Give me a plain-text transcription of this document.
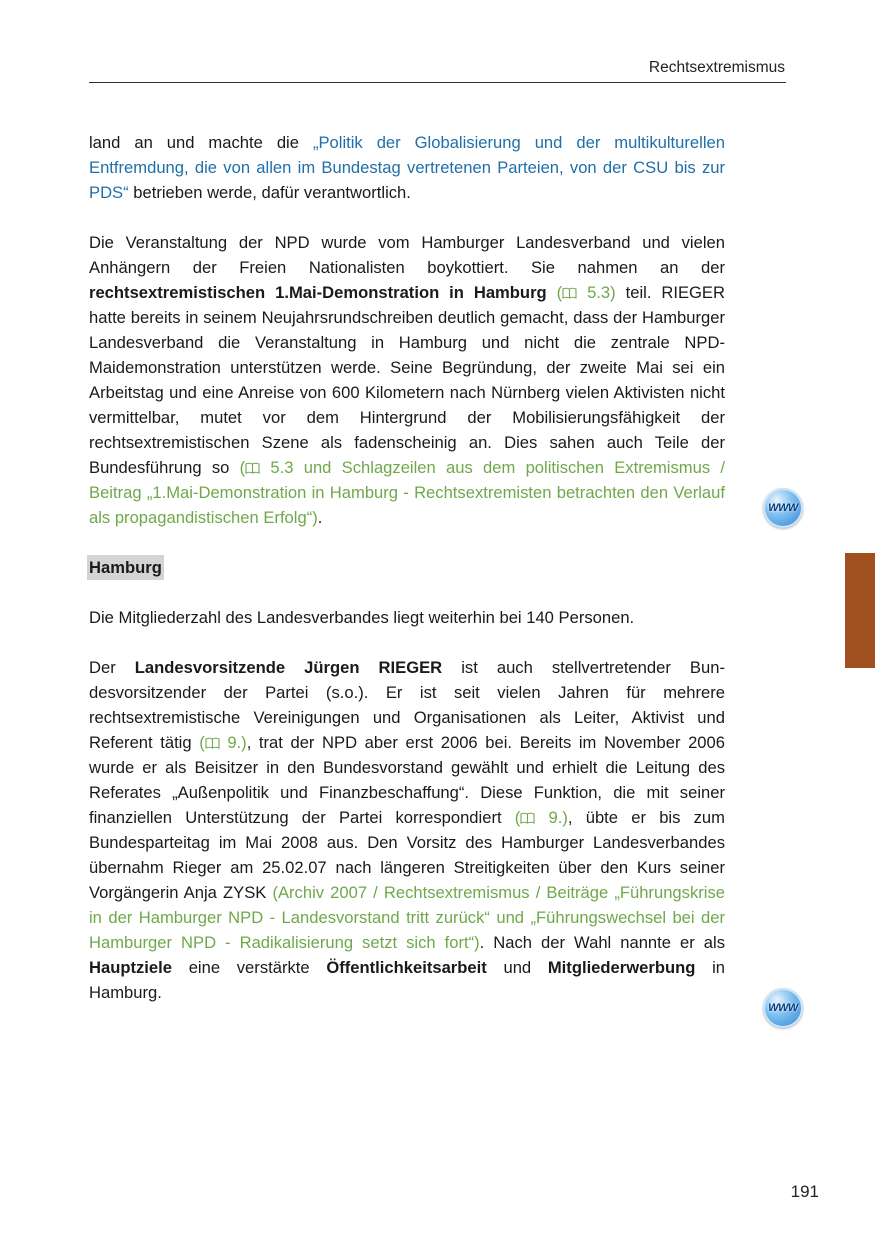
Rechtsextremismus

land an und machte die „Politik der Globalisierung und der multikulturellen Entfremdung, die von allen im Bundestag vertretenen Parteien, von der CSU bis zur PDS“ betrieben werde, dafür verantwortlich.

Die Veranstaltung der NPD wurde vom Hamburger Landesverband und vielen Anhängern der Freien Nationalisten boykottiert. Sie nahmen an der rechtsextremistischen 1.Mai-Demonstration in Hamburg ( 5.3) teil. RIEGER hatte bereits in seinem Neujahrsrundschreiben deutlich gemacht, dass der Hamburger Landesverband die Veranstaltung in Hamburg und nicht die zentrale NPD-Maidemonstration unterstützen werde. Seine Begründung, der zweite Mai sei ein Arbeitstag und eine Anreise von 600 Kilometern nach Nürnberg vielen Aktivisten nicht vermittelbar, mutet vor dem Hintergrund der Mobilisierungsfähigkeit der rechtsextremistischen Szene als fadenscheinig an. Dies sahen auch Teile der Bundesführung so ( 5.3 und Schlagzeilen aus dem politischen Extremismus / Beitrag „1.Mai-Demonstration in Hamburg - Rechtsextremisten betrachten den Verlauf als propagandistischen Erfolg“).

Hamburg

Die Mitgliederzahl des Landesverbandes liegt weiterhin bei 140 Personen.

Der Landesvorsitzende Jürgen RIEGER ist auch stellvertretender Bundesvorsitzender der Partei (s.o.). Er ist seit vielen Jahren für mehrere rechtsextremistische Vereinigungen und Organisationen als Leiter, Aktivist und Referent tätig ( 9.), trat der NPD aber erst 2006 bei. Bereits im November 2006 wurde er als Beisitzer in den Bundesvorstand gewählt und erhielt die Leitung des Referates „Außenpolitik und Finanzbeschaffung“. Diese Funktion, die mit seiner finanziellen Unterstützung der Partei korrespondiert ( 9.), übte er bis zum Bundesparteitag im Mai 2008 aus. Den Vorsitz des Hamburger Landesverbandes übernahm Rieger am 25.02.07 nach längeren Streitigkeiten über den Kurs seiner Vorgängerin Anja ZYSK (Archiv 2007 / Rechtsextremismus / Beiträge „Führungskrise in der Hamburger NPD - Landesvorstand tritt zurück“ und „Führungswechsel bei der Hamburger NPD - Radikalisierung setzt sich fort“). Nach der Wahl nannte er als Hauptziele eine verstärkte Öffentlichkeitsarbeit und Mitgliederwerbung in Hamburg.

WWW
WWW
191
